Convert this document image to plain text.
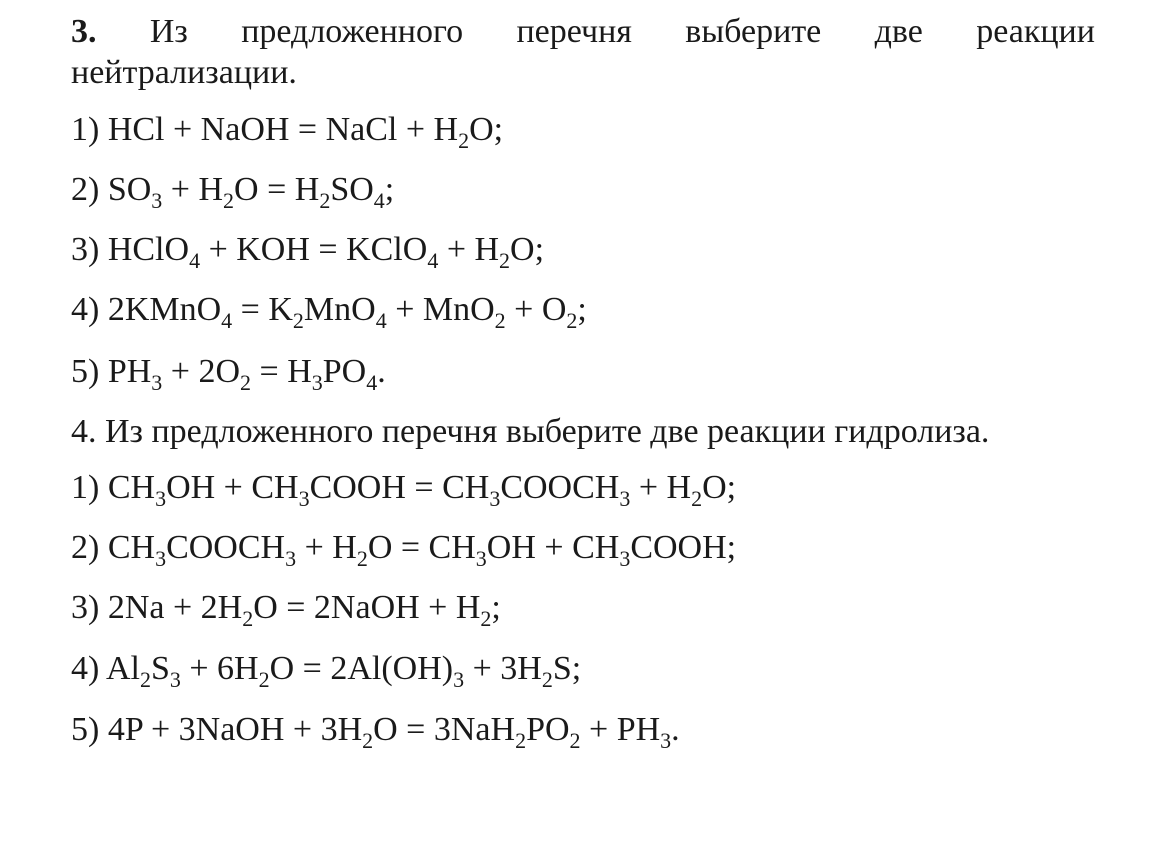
3. Из предложенного перечня выберите две реакции
нейтрализации.
1) HCl + NaOH = NaCl + $H_2O$;
2) $SO_3 + H_2O = H_2SO_4$;
3) HClO$_4$ + KOH = KClO$_4$ + $H_2O$;
4) 2KMnO$_4$ = $K_2MnO_4 + MnO_2 + O_2$;
5) $PH_3 + 2O_2 = H_3PO_4$.
4. Из предложенного перечня выберите две реакции гидролиза.
1) $CH_3OH$ + $CH_3COOH$ = $CH_3COOCH_3 + H_2O$;
2) $CH_3COOCH_3 + H_2O = CH_3OH$ + $CH_3COOH$;
3) $2Na + 2H_2O$ = 2NaOH + $H_2$;
4) $Al_2S_3 + 6H_2O = 2Al(OH)_3 + 3H_2S$;
5) 4P + 3NaOH + $3H_2O = 3NaH_2PO_2 + PH_3$.
